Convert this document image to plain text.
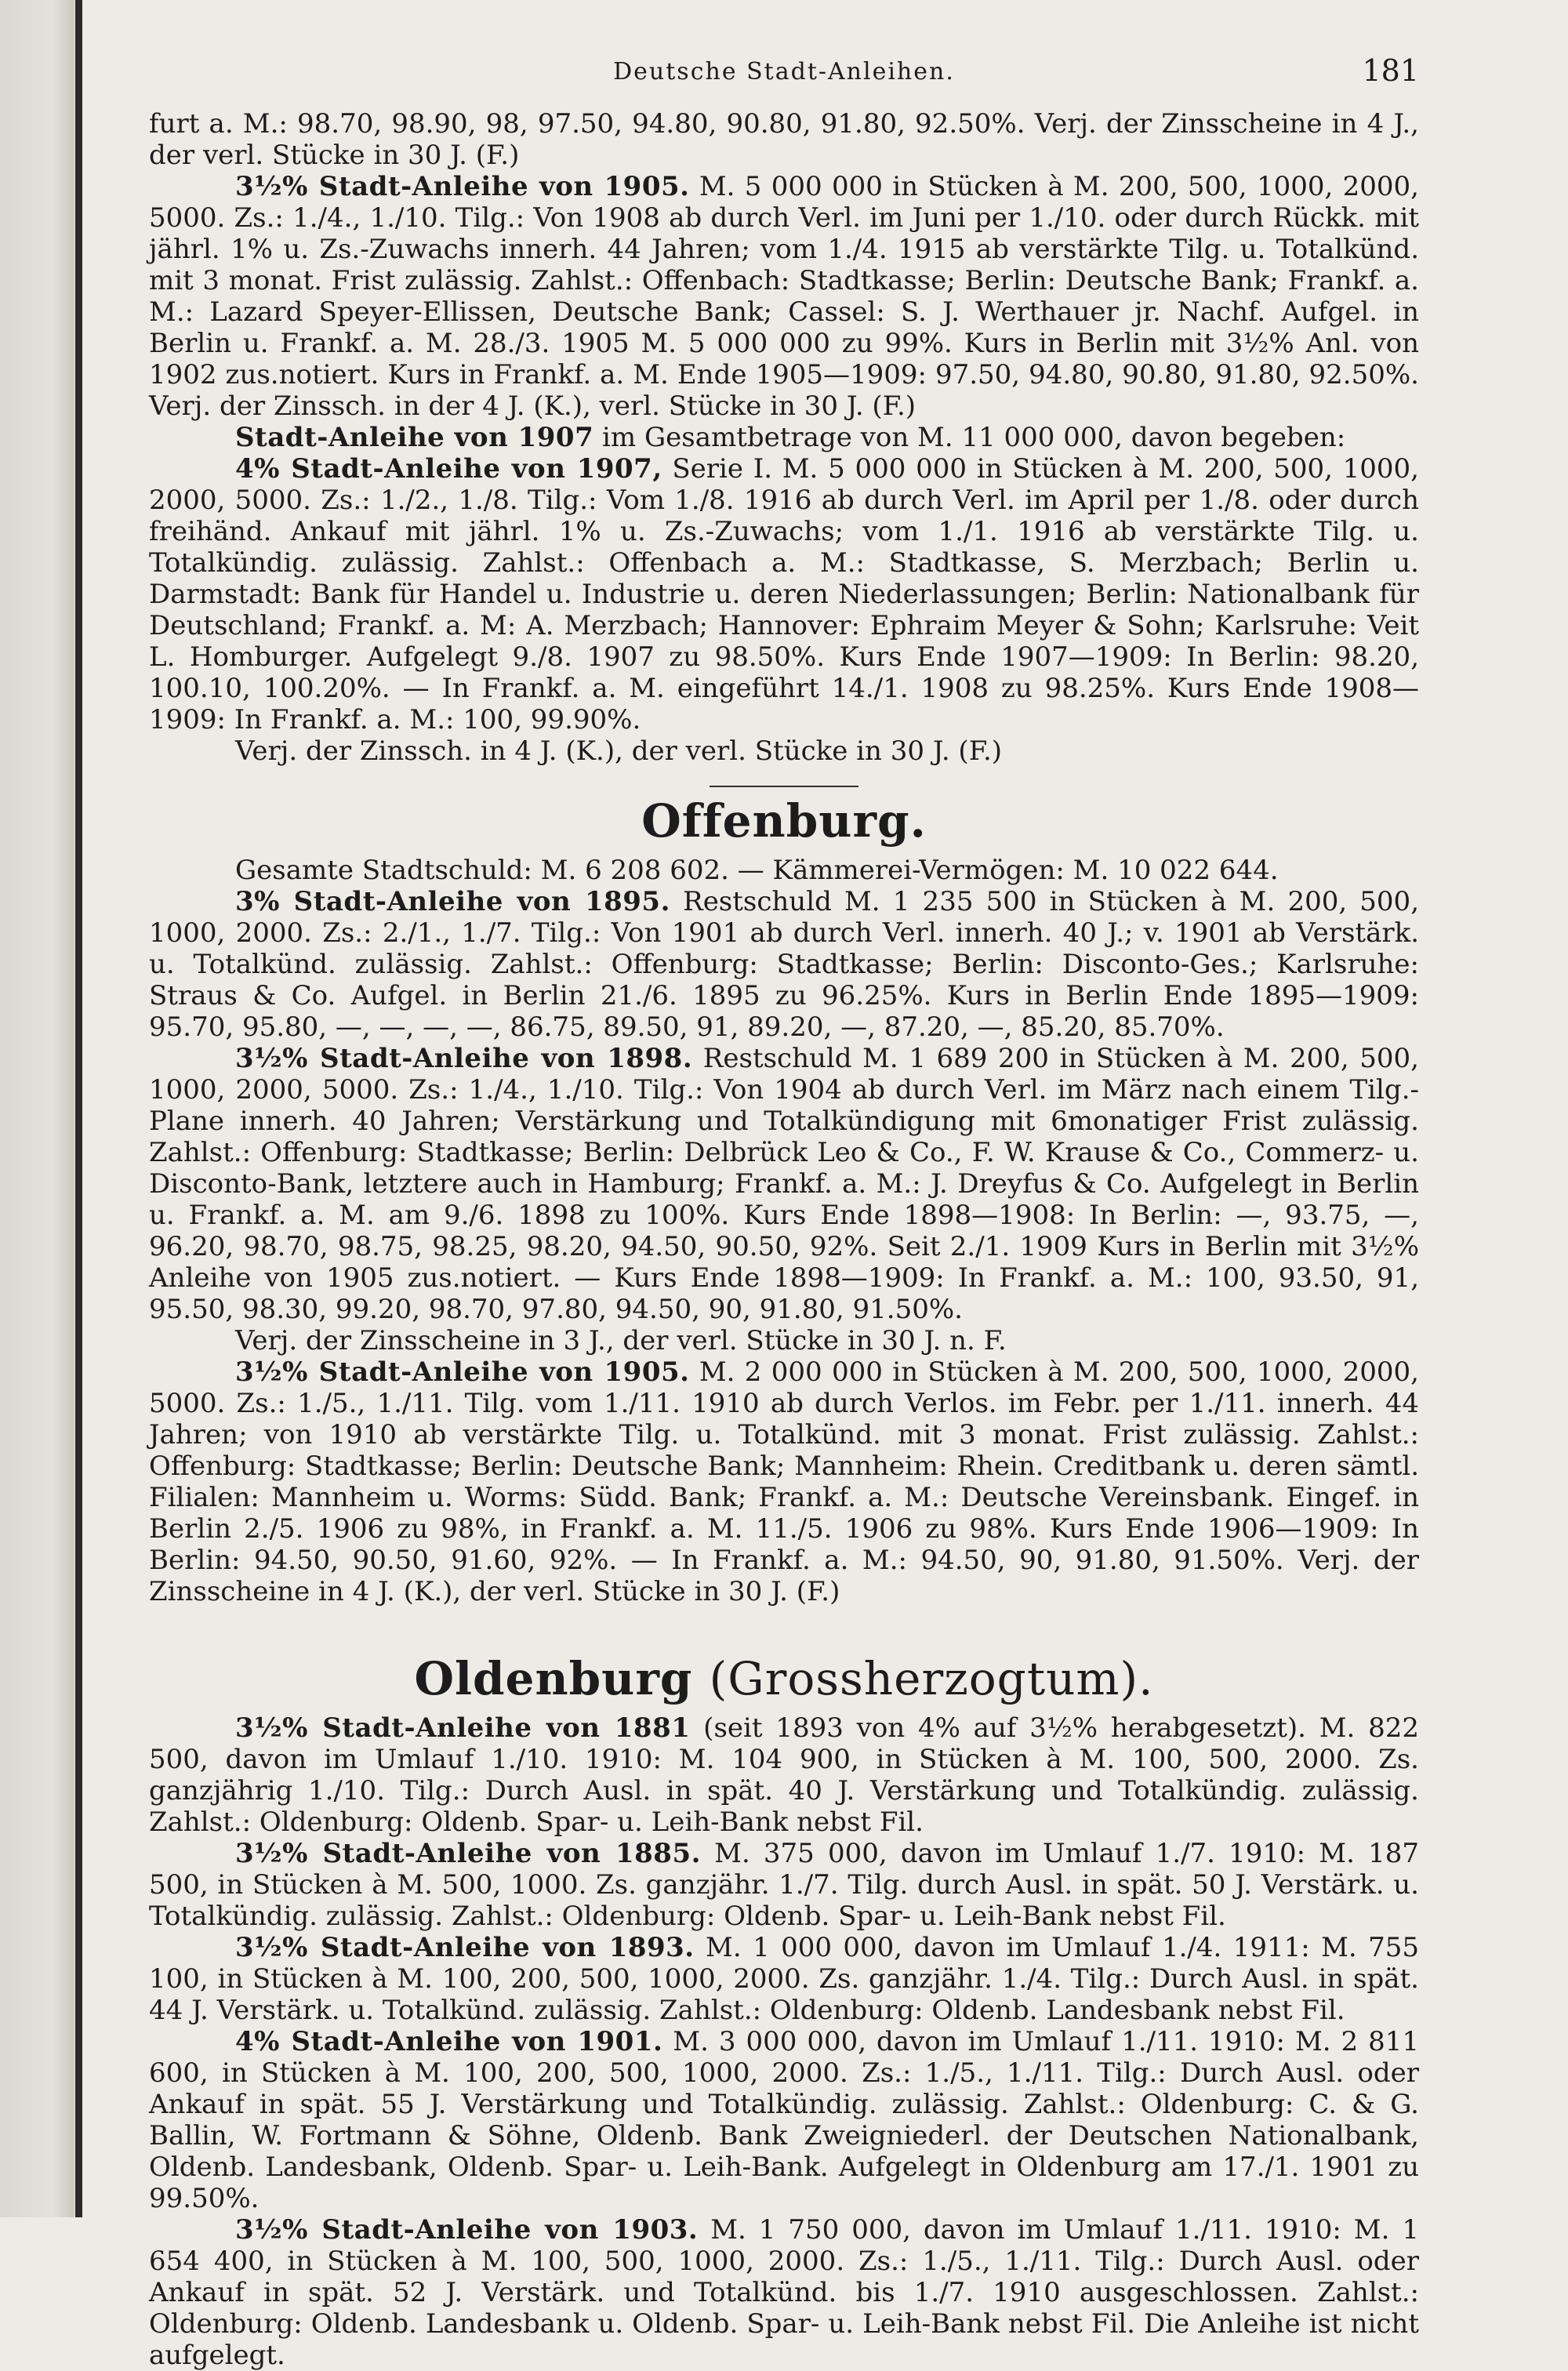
Deutsche Stadt-Anleihen.	181

furt a. M.: 98.70, 98.90, 98, 97.50, 94.80, 90.80, 91.80, 92.50%. Verj. der Zinsscheine in 4 J., der verl. Stücke in 30 J. (F.)

3½% Stadt-Anleihe von 1905. M. 5 000 000 in Stücken à M. 200, 500, 1000, 2000, 5000. Zs.: 1./4., 1./10. Tilg.: Von 1908 ab durch Verl. im Juni per 1./10. oder durch Rückk. mit jährl. 1% u. Zs.-Zuwachs innerh. 44 Jahren; vom 1./4. 1915 ab verstärkte Tilg. u. Totalkünd. mit 3 monat. Frist zulässig. Zahlst.: Offenbach: Stadtkasse; Berlin: Deutsche Bank; Frankf. a. M.: Lazard Speyer-Ellissen, Deutsche Bank; Cassel: S. J. Werthauer jr. Nachf. Aufgel. in Berlin u. Frankf. a. M. 28./3. 1905 M. 5 000 000 zu 99%. Kurs in Berlin mit 3½% Anl. von 1902 zus.notiert. Kurs in Frankf. a. M. Ende 1905—1909: 97.50, 94.80, 90.80, 91.80, 92.50%. Verj. der Zinssch. in der 4 J. (K.), verl. Stücke in 30 J. (F.)

Stadt-Anleihe von 1907 im Gesamtbetrage von M. 11 000 000, davon begeben:

4% Stadt-Anleihe von 1907, Serie I. M. 5 000 000 in Stücken à M. 200, 500, 1000, 2000, 5000. Zs.: 1./2., 1./8. Tilg.: Vom 1./8. 1916 ab durch Verl. im April per 1./8. oder durch freihänd. Ankauf mit jährl. 1% u. Zs.-Zuwachs; vom 1./1. 1916 ab verstärkte Tilg. u. Totalkündig. zulässig. Zahlst.: Offenbach a. M.: Stadtkasse, S. Merzbach; Berlin u. Darmstadt: Bank für Handel u. Industrie u. deren Niederlassungen; Berlin: Nationalbank für Deutschland; Frankf. a. M: A. Merzbach; Hannover: Ephraim Meyer & Sohn; Karlsruhe: Veit L. Homburger. Aufgelegt 9./8. 1907 zu 98.50%. Kurs Ende 1907—1909: In Berlin: 98.20, 100.10, 100.20%. — In Frankf. a. M. eingeführt 14./1. 1908 zu 98.25%. Kurs Ende 1908—1909: In Frankf. a. M.: 100, 99.90%.

Verj. der Zinssch. in 4 J. (K.), der verl. Stücke in 30 J. (F.)

Offenburg.

Gesamte Stadtschuld: M. 6 208 602. — Kämmerei-Vermögen: M. 10 022 644.

3% Stadt-Anleihe von 1895. Restschuld M. 1 235 500 in Stücken à M. 200, 500, 1000, 2000. Zs.: 2./1., 1./7. Tilg.: Von 1901 ab durch Verl. innerh. 40 J.; v. 1901 ab Verstärk. u. Totalkünd. zulässig. Zahlst.: Offenburg: Stadtkasse; Berlin: Disconto-Ges.; Karlsruhe: Straus & Co. Aufgel. in Berlin 21./6. 1895 zu 96.25%. Kurs in Berlin Ende 1895—1909: 95.70, 95.80, —, —, —, —, 86.75, 89.50, 91, 89.20, —, 87.20, —, 85.20, 85.70%.

3½% Stadt-Anleihe von 1898. Restschuld M. 1 689 200 in Stücken à M. 200, 500, 1000, 2000, 5000. Zs.: 1./4., 1./10. Tilg.: Von 1904 ab durch Verl. im März nach einem Tilg.-Plane innerh. 40 Jahren; Verstärkung und Totalkündigung mit 6monatiger Frist zulässig. Zahlst.: Offenburg: Stadtkasse; Berlin: Delbrück Leo & Co., F. W. Krause & Co., Commerz- u. Disconto-Bank, letztere auch in Hamburg; Frankf. a. M.: J. Dreyfus & Co. Aufgelegt in Berlin u. Frankf. a. M. am 9./6. 1898 zu 100%. Kurs Ende 1898—1908: In Berlin: —, 93.75, —, 96.20, 98.70, 98.75, 98.25, 98.20, 94.50, 90.50, 92%. Seit 2./1. 1909 Kurs in Berlin mit 3½% Anleihe von 1905 zus.notiert. — Kurs Ende 1898—1909: In Frankf. a. M.: 100, 93.50, 91, 95.50, 98.30, 99.20, 98.70, 97.80, 94.50, 90, 91.80, 91.50%.

Verj. der Zinsscheine in 3 J., der verl. Stücke in 30 J. n. F.

3½% Stadt-Anleihe von 1905. M. 2 000 000 in Stücken à M. 200, 500, 1000, 2000, 5000. Zs.: 1./5., 1./11. Tilg. vom 1./11. 1910 ab durch Verlos. im Febr. per 1./11. innerh. 44 Jahren; von 1910 ab verstärkte Tilg. u. Totalkünd. mit 3 monat. Frist zulässig. Zahlst.: Offenburg: Stadtkasse; Berlin: Deutsche Bank; Mannheim: Rhein. Creditbank u. deren sämtl. Filialen: Mannheim u. Worms: Südd. Bank; Frankf. a. M.: Deutsche Vereinsbank. Eingef. in Berlin 2./5. 1906 zu 98%, in Frankf. a. M. 11./5. 1906 zu 98%. Kurs Ende 1906—1909: In Berlin: 94.50, 90.50, 91.60, 92%. — In Frankf. a. M.: 94.50, 90, 91.80, 91.50%. Verj. der Zinsscheine in 4 J. (K.), der verl. Stücke in 30 J. (F.)

Oldenburg (Grossherzogtum).

3½% Stadt-Anleihe von 1881 (seit 1893 von 4% auf 3½% herabgesetzt). M. 822 500, davon im Umlauf 1./10. 1910: M. 104 900, in Stücken à M. 100, 500, 2000. Zs. ganzjährig 1./10. Tilg.: Durch Ausl. in spät. 40 J. Verstärkung und Totalkündig. zulässig. Zahlst.: Oldenburg: Oldenb. Spar- u. Leih-Bank nebst Fil.

3½% Stadt-Anleihe von 1885. M. 375 000, davon im Umlauf 1./7. 1910: M. 187 500, in Stücken à M. 500, 1000. Zs. ganzjähr. 1./7. Tilg. durch Ausl. in spät. 50 J. Verstärk. u. Totalkündig. zulässig. Zahlst.: Oldenburg: Oldenb. Spar- u. Leih-Bank nebst Fil.

3½% Stadt-Anleihe von 1893. M. 1 000 000, davon im Umlauf 1./4. 1911: M. 755 100, in Stücken à M. 100, 200, 500, 1000, 2000. Zs. ganzjähr. 1./4. Tilg.: Durch Ausl. in spät. 44 J. Verstärk. u. Totalkünd. zulässig. Zahlst.: Oldenburg: Oldenb. Landesbank nebst Fil.

4% Stadt-Anleihe von 1901. M. 3 000 000, davon im Umlauf 1./11. 1910: M. 2 811 600, in Stücken à M. 100, 200, 500, 1000, 2000. Zs.: 1./5., 1./11. Tilg.: Durch Ausl. oder Ankauf in spät. 55 J. Verstärkung und Totalkündig. zulässig. Zahlst.: Oldenburg: C. & G. Ballin, W. Fortmann & Söhne, Oldenb. Bank Zweigniederl. der Deutschen Nationalbank, Oldenb. Landesbank, Oldenb. Spar- u. Leih-Bank. Aufgelegt in Oldenburg am 17./1. 1901 zu 99.50%.

3½% Stadt-Anleihe von 1903. M. 1 750 000, davon im Umlauf 1./11. 1910: M. 1 654 400, in Stücken à M. 100, 500, 1000, 2000. Zs.: 1./5., 1./11. Tilg.: Durch Ausl. oder Ankauf in spät. 52 J. Verstärk. und Totalkünd. bis 1./7. 1910 ausgeschlossen. Zahlst.: Oldenburg: Oldenb. Landesbank u. Oldenb. Spar- u. Leih-Bank nebst Fil. Die Anleihe ist nicht aufgelegt.
